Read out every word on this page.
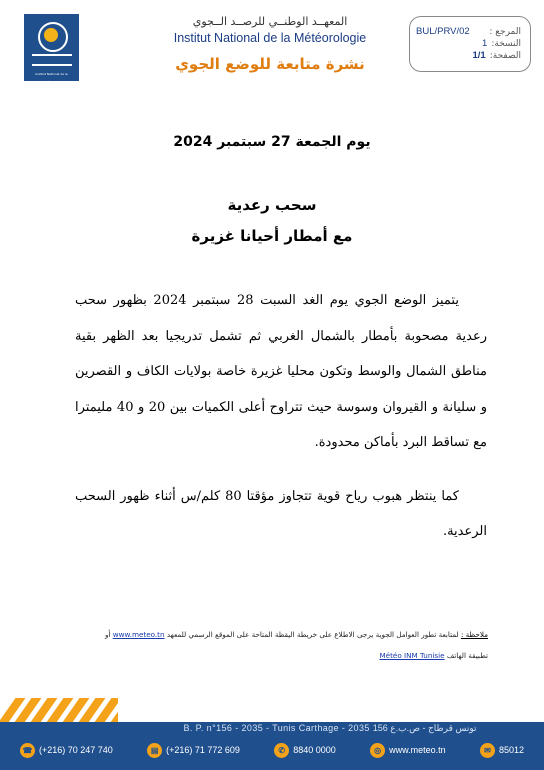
Institut National de la Météorologie
المعهــد الوطنــي للرصــد الــجوي
Institut National de la Météorologie
نشرة متابعة للوضع الجوي
BUL/PRV/02 المرجع :
1 النسخة:
1/1 الصفحة:
يوم الجمعة 27 سبتمبر 2024
سحب رعدية
مع أمطار أحيانا غزيرة

يتميز الوضع الجوي يوم الغد السبت 28 سبتمبر 2024 بظهور سحب رعدية مصحوبة بأمطار بالشمال الغربي ثم تشمل تدريجيا بعد الظهر بقية مناطق الشمال والوسط وتكون محليا غزيرة خاصة بولايات الكاف و القصرين و سليانة و القيروان وسوسة حيث تتراوح أعلى الكميات بين 20 و 40 مليمترا مع تساقط البرد بأماكن محدودة.

كما ينتظر هبوب رياح قوية تتجاوز مؤقتا 80 كلم/س أثناء ظهور السحب الرعدية.

ملاحظة : لمتابعة تطور العوامل الجوية يرجى الاطلاع على خريطة اليقظة المتاحة على الموقع الرسمي للمعهد www.meteo.tn أو
تطبيقة الهاتف Météo INM Tunisie
B. P. n°156 - 2035 - Tunis Carthage - 2035 تونس قرطاج - ص.ب.ع 156
☎ (+216) 70 247 740	▤ (+216) 71 772 609	✆ 8840 0000	◎ www.meteo.tn	✉ 85012
